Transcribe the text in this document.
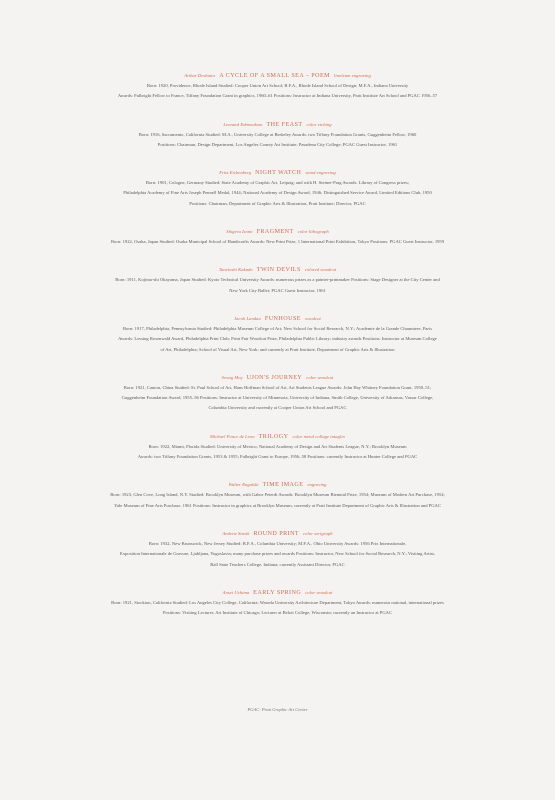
Arthur Deshaies A CYCLE OF A SMALL SEA – POEM linoleum engraving
Born: 1920, Providence, Rhode Island Studied: Cooper Union Art School; B.F.A., Rhode Island School of Design; M.F.A., Indiana University
Awards: Fulbright Fellow to France, Tiffany Foundation Grant in graphics, 1960–61 Positions: Instructor at Indiana University, Pratt Institute Art School and PGAC 1956–57
Leonard Edmondson THE FEAST color etching
Born: 1916, Sacramento, California Studied: M.A., University College at Berkeley Awards: two Tiffany Foundation Grants, Guggenheim Fellow, 1960
Positions: Chairman, Design Department, Los Angeles County Art Institute; Pasadena City College; PGAC Guest Instructor, 1961
Fritz Eichenberg NIGHT WATCH wood engraving
Born: 1901, Cologne, Germany Studied: State Academy of Graphic Art, Leipzig; and with H. Steiner-Prag Awards: Library of Congress prizes;
Philadelphia Academy of Fine Arts Joseph Pennell Medal, 1944; National Academy of Design Award, 1946; Distinguished Service Award, Limited Editions Club, 1950
Positions: Chairman, Department of Graphic Arts & Illustration, Pratt Institute; Director, PGAC
Shigeru Isomi FRAGMENT color lithograph
Born: 1922, Osaka, Japan Studied: Osaka Municipal School of Handicrafts Awards: New Print Prize, 1 International Print Exhibition, Tokyo Positions: PGAC Guest Instructor, 1959
Tanetoshi Kakudo TWIN DEVILS colored woodcut
Born: 1911, Kojima-shi Okayama, Japan Studied: Kyoto Technical University Awards: numerous prizes as a painter-printmaker Positions: Stage Designer at the City Center and
New York City Ballet; PGAC Guest Instructor, 1961
Jacob Landau FUNHOUSE woodcut
Born: 1917, Philadelphia, Pennsylvania Studied: Philadelphia Museum College of Art; New School for Social Research, N.Y.; Academie de la Grande Chaumiere, Paris
Awards: Lessing Rosenwald Award, Philadelphia Print Club; Print Fair Woodcut Prize, Philadelphia Public Library; industry awards Positions: Instructor at Museum College
of Art, Philadelphia; School of Visual Art, New York; and currently at Pratt Institute, Department of Graphic Arts & Illustration
Seong Moy UJON'S JOURNEY color woodcut
Born: 1921, Canton, China Studied: St. Paul School of Art, Hans Hoffman School of Art, Art Students League Awards: John Hay Whitney Foundation Grant, 1950–51;
Guggenheim Foundation Award, 1955–56 Positions: Instructor at University of Minnesota, University of Indiana, Smith College, University of Arkansas, Vassar College,
Columbia University and currently at Cooper Union Art School and PGAC
Michael Ponce de Leon TRILOGY color metal collage intaglio
Born: 1922, Miami, Florida Studied: University of Mexico; National Academy of Design and Art Students League, N.Y.; Brooklyn Museum
Awards: two Tiffany Foundation Grants, 1953 & 1955; Fulbright Grant to Europe, 1956–58 Positions: currently Instructor at Hunter College and PGAC
Walter Rogalski TIME IMAGE engraving
Born: 1923, Glen Cove, Long Island, N.Y. Studied: Brooklyn Museum, with Gabor Peterdi Awards: Brooklyn Museum Biennial Prize, 1954; Museum of Modern Art Purchase, 1954;
Yale Museum of Fine Arts Purchase, 1961 Positions: Instructor in graphics at Brooklyn Museum, currently at Pratt Institute Department of Graphic Arts & Illustration and PGAC
Andrew Stasik ROUND PRINT color serigraph
Born: 1932, New Brunswick, New Jersey Studied: B.F.A., Columbia University; M.F.A., Ohio University Awards: 1956 Prix Internationale,
Exposition Internationale de Gravure, Ljubljana, Yugoslavia; many purchase prizes and awards Positions: Instructor, New School for Social Research, N.Y.; Visiting Artist,
Ball State Teachers College, Indiana; currently Assistant Director, PGAC
Ansei Uchima EARLY SPRING color woodcut
Born: 1921, Stockton, California Studied: Los Angeles City College, California; Waseda University Architecture Department, Tokyo Awards: numerous national, international prizes
Positions: Visiting Lecturer, Art Institute of Chicago; Lecturer at Beloit College, Wisconsin; currently an Instructor at PGAC
PGAC: Pratt Graphic Art Center
